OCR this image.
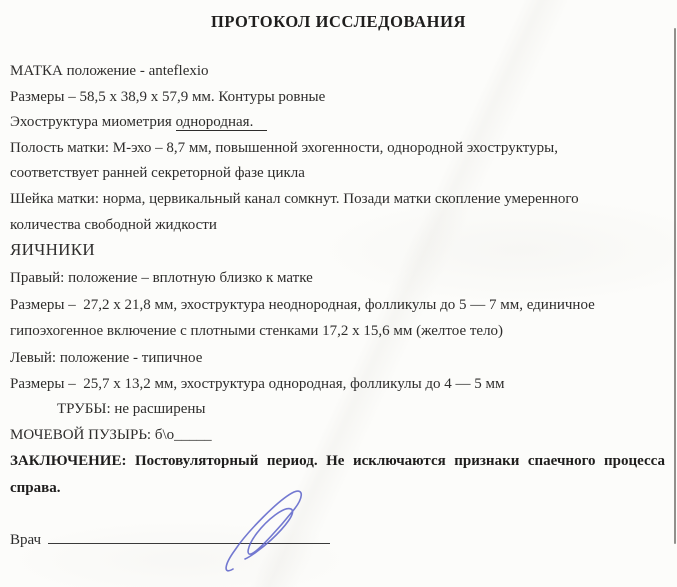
ПРОТОКОЛ ИССЛЕДОВАНИЯ
МАТКА положение - anteflexio
Размеры – 58,5 x 38,9 x 57,9 мм. Контуры ровные
Эхоструктура миометрия однородная.
Полость матки: М-эхо – 8,7 мм, повышенной эхогенности, однородной эхоструктуры,
соответствует ранней секреторной фазе цикла
Шейка матки: норма, цервикальный канал сомкнут. Позади матки скопление умеренного
количества свободной жидкости
ЯИЧНИКИ
Правый: положение – вплотную близко к матке
Размеры –  27,2 x 21,8 мм, эхоструктура неоднородная, фолликулы до 5 — 7 мм, единичное
гипоэхогенное включение с плотными стенками 17,2 x 15,6 мм (желтое тело)
Левый: положение - типичное
Размеры –  25,7 x 13,2 мм, эхоструктура однородная, фолликулы до 4 — 5 мм
ТРУБЫ: не расширены
МОЧЕВОЙ ПУЗЫРЬ: б\о_____
ЗАКЛЮЧЕНИЕ: Постовуляторный период. Не исключаются признаки спаечного процесса
справа.
Врач
